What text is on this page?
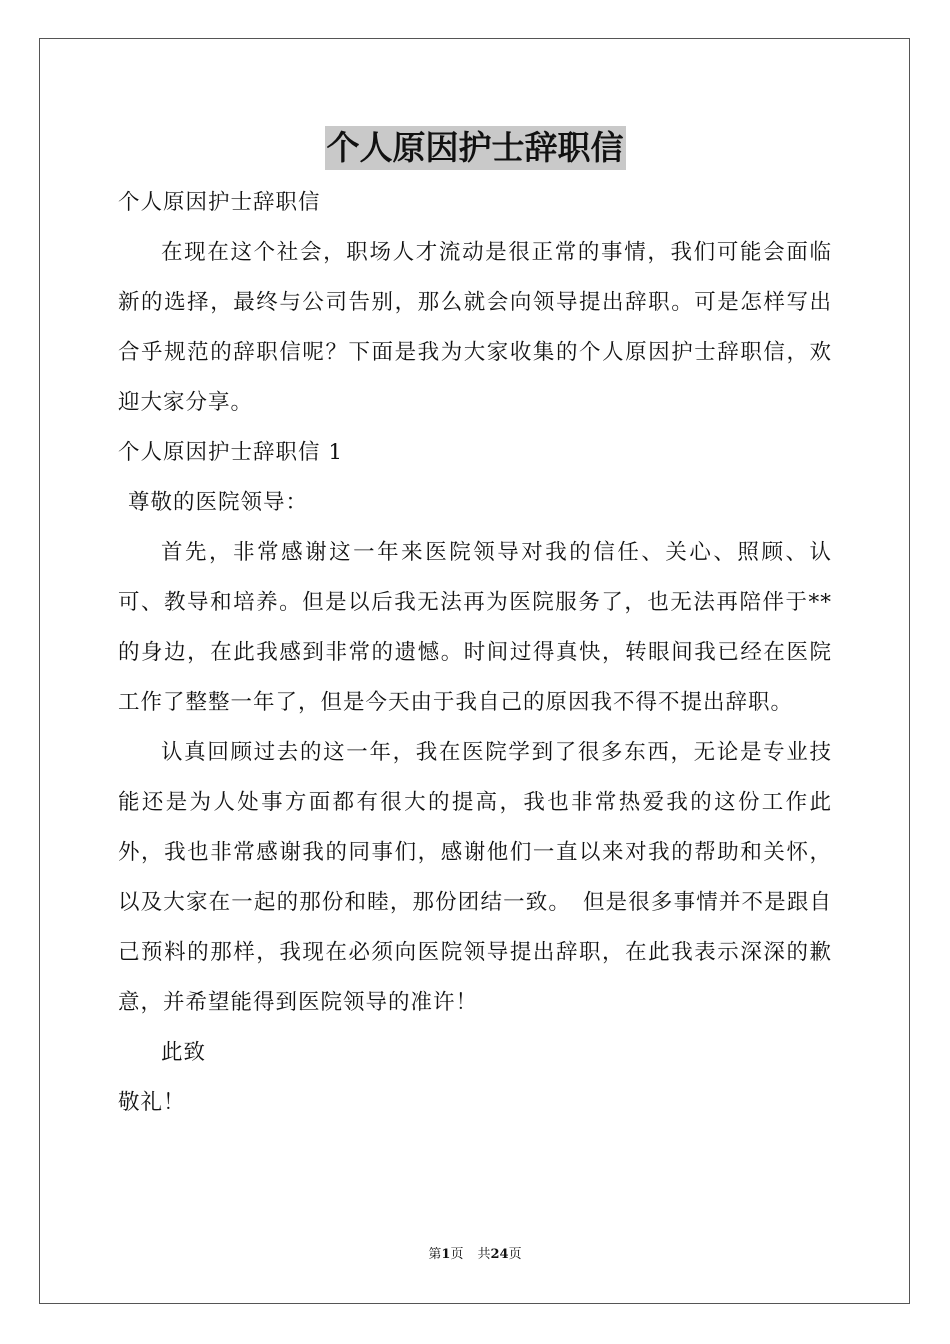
个人原因护士辞职信

个人原因护士辞职信

在现在这个社会，职场人才流动是很正常的事情，我们可能会面临新的选择，最终与公司告别，那么就会向领导提出辞职。可是怎样写出合乎规范的辞职信呢？下面是我为大家收集的个人原因护士辞职信，欢迎大家分享。

个人原因护士辞职信 1

尊敬的医院领导：

首先，非常感谢这一年来医院领导对我的信任、关心、照顾、认可、教导和培养。但是以后我无法再为医院服务了，也无法再陪伴于**的身边，在此我感到非常的遗憾。时间过得真快，转眼间我已经在医院工作了整整一年了，但是今天由于我自己的原因我不得不提出辞职。

认真回顾过去的这一年，我在医院学到了很多东西，无论是专业技能还是为人处事方面都有很大的提高，我也非常热爱我的这份工作此外，我也非常感谢我的同事们，感谢他们一直以来对我的帮助和关怀，以及大家在一起的那份和睦，那份团结一致。　但是很多事情并不是跟自己预料的那样，我现在必须向医院领导提出辞职，在此我表示深深的歉意，并希望能得到医院领导的准许！

此致

敬礼！

第1页 共24页
